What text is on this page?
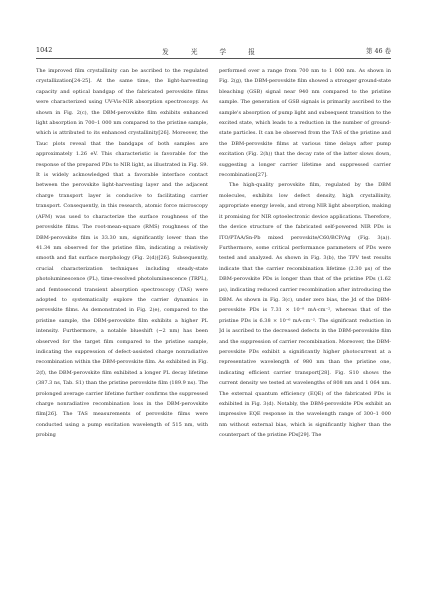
1042	发 光 学 报	第 46 卷

The improved film crystallinity can be ascribed to the regulated crystallization[24-25]. At the same time, the light-harvesting capacity and optical bandgap of the fabricated perovskite films were characterized using UV-Vis-NIR absorption spectroscopy. As shown in Fig. 2(c), the DBM-perovskite film exhibits enhanced light absorption in 700–1 000 nm compared to the pristine sample, which is attributed to its enhanced crystallinity[26]. Moreover, the Tauc plots reveal that the bandgaps of both samples are approximately 1.26 eV. This characteristic is favorable for the response of the prepared PDs to NIR light, as illustrated in Fig. S9. It is widely acknowledged that a favorable interface contact between the perovskite light-harvesting layer and the adjacent charge transport layer is conducive to facilitating carrier transport. Consequently, in this research, atomic force microscopy (AFM) was used to characterize the surface roughness of the perovskite films. The root-mean-square (RMS) roughness of the DBM-perovskite film is 33.30 nm, significantly lower than the 41.34 nm observed for the pristine film, indicating a relatively smooth and flat surface morphology (Fig. 2(d))[26]. Subsequently, crucial characterization techniques including steady-state photoluminescence (PL), time-resolved photoluminescence (TRPL), and femtosecond transient absorption spectroscopy (TAS) were adopted to systematically explore the carrier dynamics in perovskite films. As demonstrated in Fig. 2(e), compared to the pristine sample, the DBM-perovskite film exhibits a higher PL intensity. Furthermore, a notable blueshift (~2 nm) has been observed for the target film compared to the pristine sample, indicating the suppression of defect-assisted charge nonradiative recombination within the DBM-perovskite film. As exhibited in Fig. 2(f), the DBM-perovskite film exhibited a longer PL decay lifetime (387.3 ns, Tab. S1) than the pristine perovskite film (189.9 ns). The prolonged average carrier lifetime further confirms the suppressed charge nonradiative recombination loss in the DBM-perovskite film[26]. The TAS measurements of perovskite films were conducted using a pump excitation wavelength of 515 nm, with probing

performed over a range from 700 nm to 1 000 nm. As shown in Fig. 2(g), the DBM-perovskite film showed a stronger ground-state bleaching (GSB) signal near 940 nm compared to the pristine sample. The generation of GSB signals is primarily ascribed to the sample's absorption of pump light and subsequent transition to the excited state, which leads to a reduction in the number of ground-state particles. It can be observed from the TAS of the pristine and the DBM-perovskite films at various time delays after pump excitation (Fig. 2(h)) that the decay rate of the latter slows down, suggesting a longer carrier lifetime and suppressed carrier recombination[27].

The high-quality perovskite film, regulated by the DBM molecules, exhibits low defect density, high crystallinity, appropriate energy levels, and strong NIR light absorption, making it promising for NIR optoelectronic device applications. Therefore, the device structure of the fabricated self-powered NIR PDs is ITO/PTAA/Sn-Pb mixed perovskite/C60/BCP/Ag (Fig. 3(a)). Furthermore, some critical performance parameters of PDs were tested and analyzed. As shown in Fig. 3(b), the TPV test results indicate that the carrier recombination lifetime (2.30 μs) of the DBM-perovskite PDs is longer than that of the pristine PDs (1.62 μs), indicating reduced carrier recombination after introducing the DBM. As shown in Fig. 3(c), under zero bias, the Jd of the DBM-perovskite PDs is 7.31 × 10⁻⁸ mA·cm⁻², whereas that of the pristine PDs is 6.38 × 10⁻⁶ mA·cm⁻². The significant reduction in Jd is ascribed to the decreased defects in the DBM-perovskite film and the suppression of carrier recombination. Moreover, the DBM-perovskite PDs exhibit a significantly higher photocurrent at a representative wavelength of 980 nm than the pristine one, indicating efficient carrier transport[28]. Fig. S10 shows the current density we tested at wavelengths of 808 nm and 1 064 nm. The external quantum efficiency (EQE) of the fabricated PDs is exhibited in Fig. 3(d). Notably, the DBM-perovskite PDs exhibit an impressive EQE response in the wavelength range of 300–1 000 nm without external bias, which is significantly higher than the counterpart of the pristine PDs[29]. The
